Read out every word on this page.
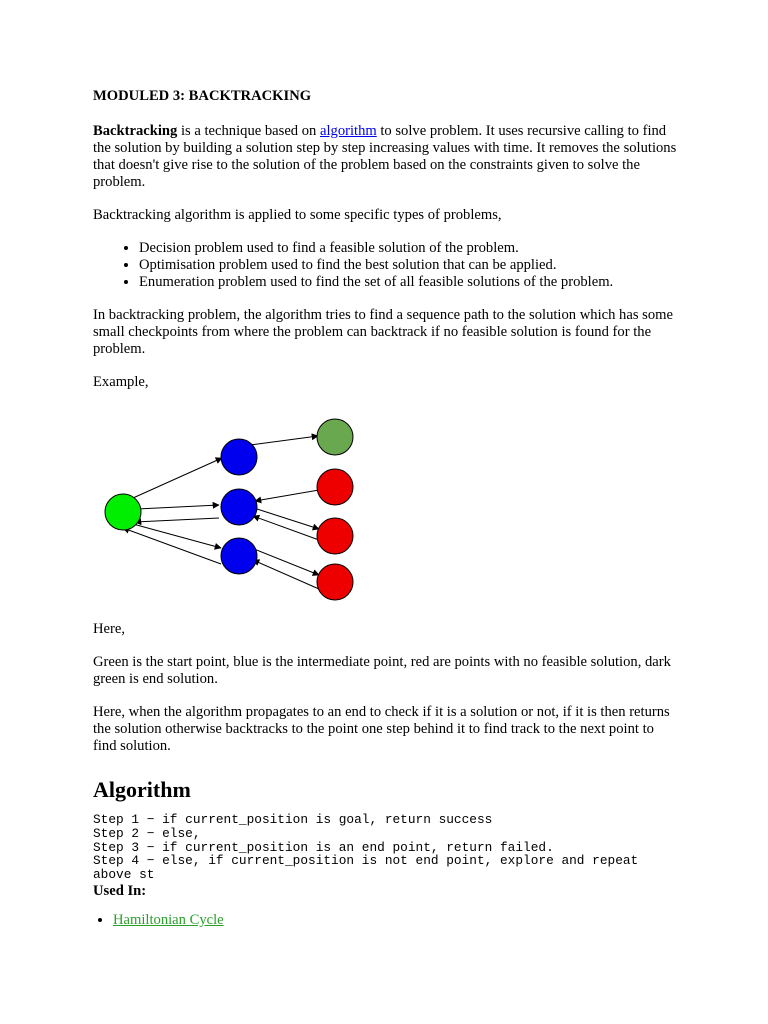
MODULED 3: BACKTRACKING

Backtracking is a technique based on algorithm to solve problem. It uses recursive calling to find the solution by building a solution step by step increasing values with time. It removes the solutions that doesn't give rise to the solution of the problem based on the constraints given to solve the problem.

Backtracking algorithm is applied to some specific types of problems,

• Decision problem used to find a feasible solution of the problem.
• Optimisation problem used to find the best solution that can be applied.
• Enumeration problem used to find the set of all feasible solutions of the problem.

In backtracking problem, the algorithm tries to find a sequence path to the solution which has some small checkpoints from where the problem can backtrack if no feasible solution is found for the problem.

Example,

Here,

Green is the start point, blue is the intermediate point, red are points with no feasible solution, dark green is end solution.

Here, when the algorithm propagates to an end to check if it is a solution or not, if it is then returns the solution otherwise backtracks to the point one step behind it to find track to the next point to find solution.

Algorithm
Step 1 − if current_position is goal, return success
Step 2 − else,
Step 3 − if current_position is an end point, return failed.
Step 4 − else, if current_position is not end point, explore and repeat
above st
Used In:
• Hamiltonian Cycle
